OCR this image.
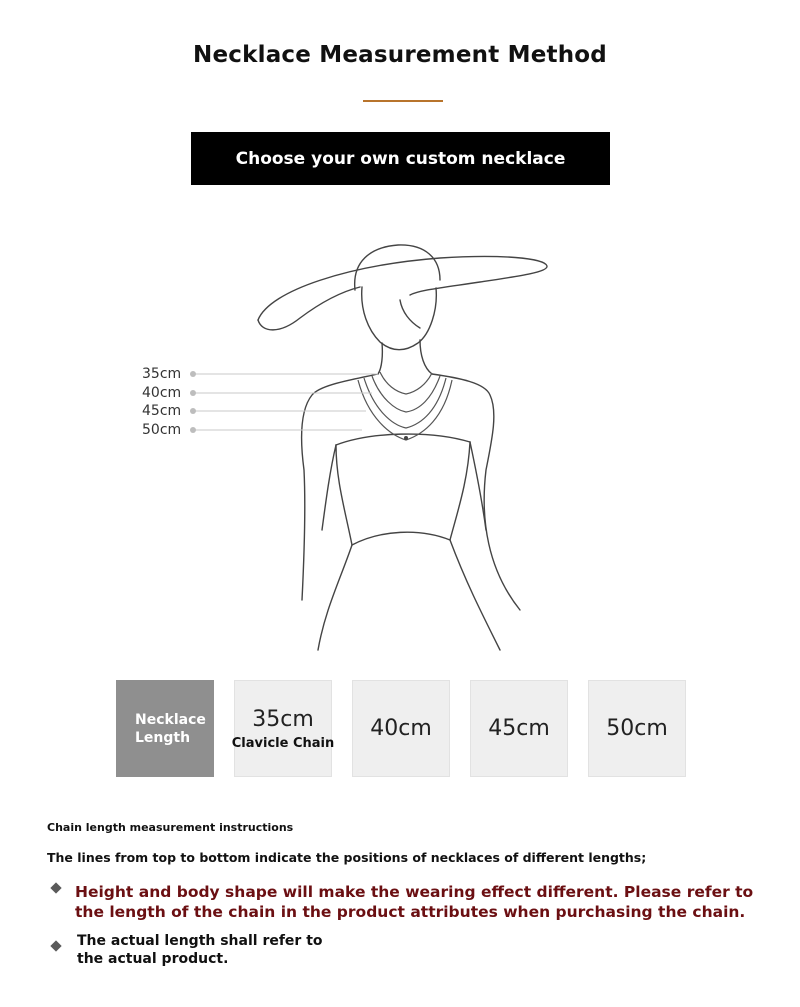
Necklace Measurement Method
Choose your own custom necklace
35cm
40cm
45cm
50cm
Necklace Length
35cm
Clavicle Chain
40cm	45cm	50cm
Chain length measurement instructions
The lines from top to bottom indicate the positions of necklaces of different lengths;
Height and body shape will make the wearing effect different. Please refer to the length of the chain in the product attributes when purchasing the chain.
The actual length shall refer to the actual product.
